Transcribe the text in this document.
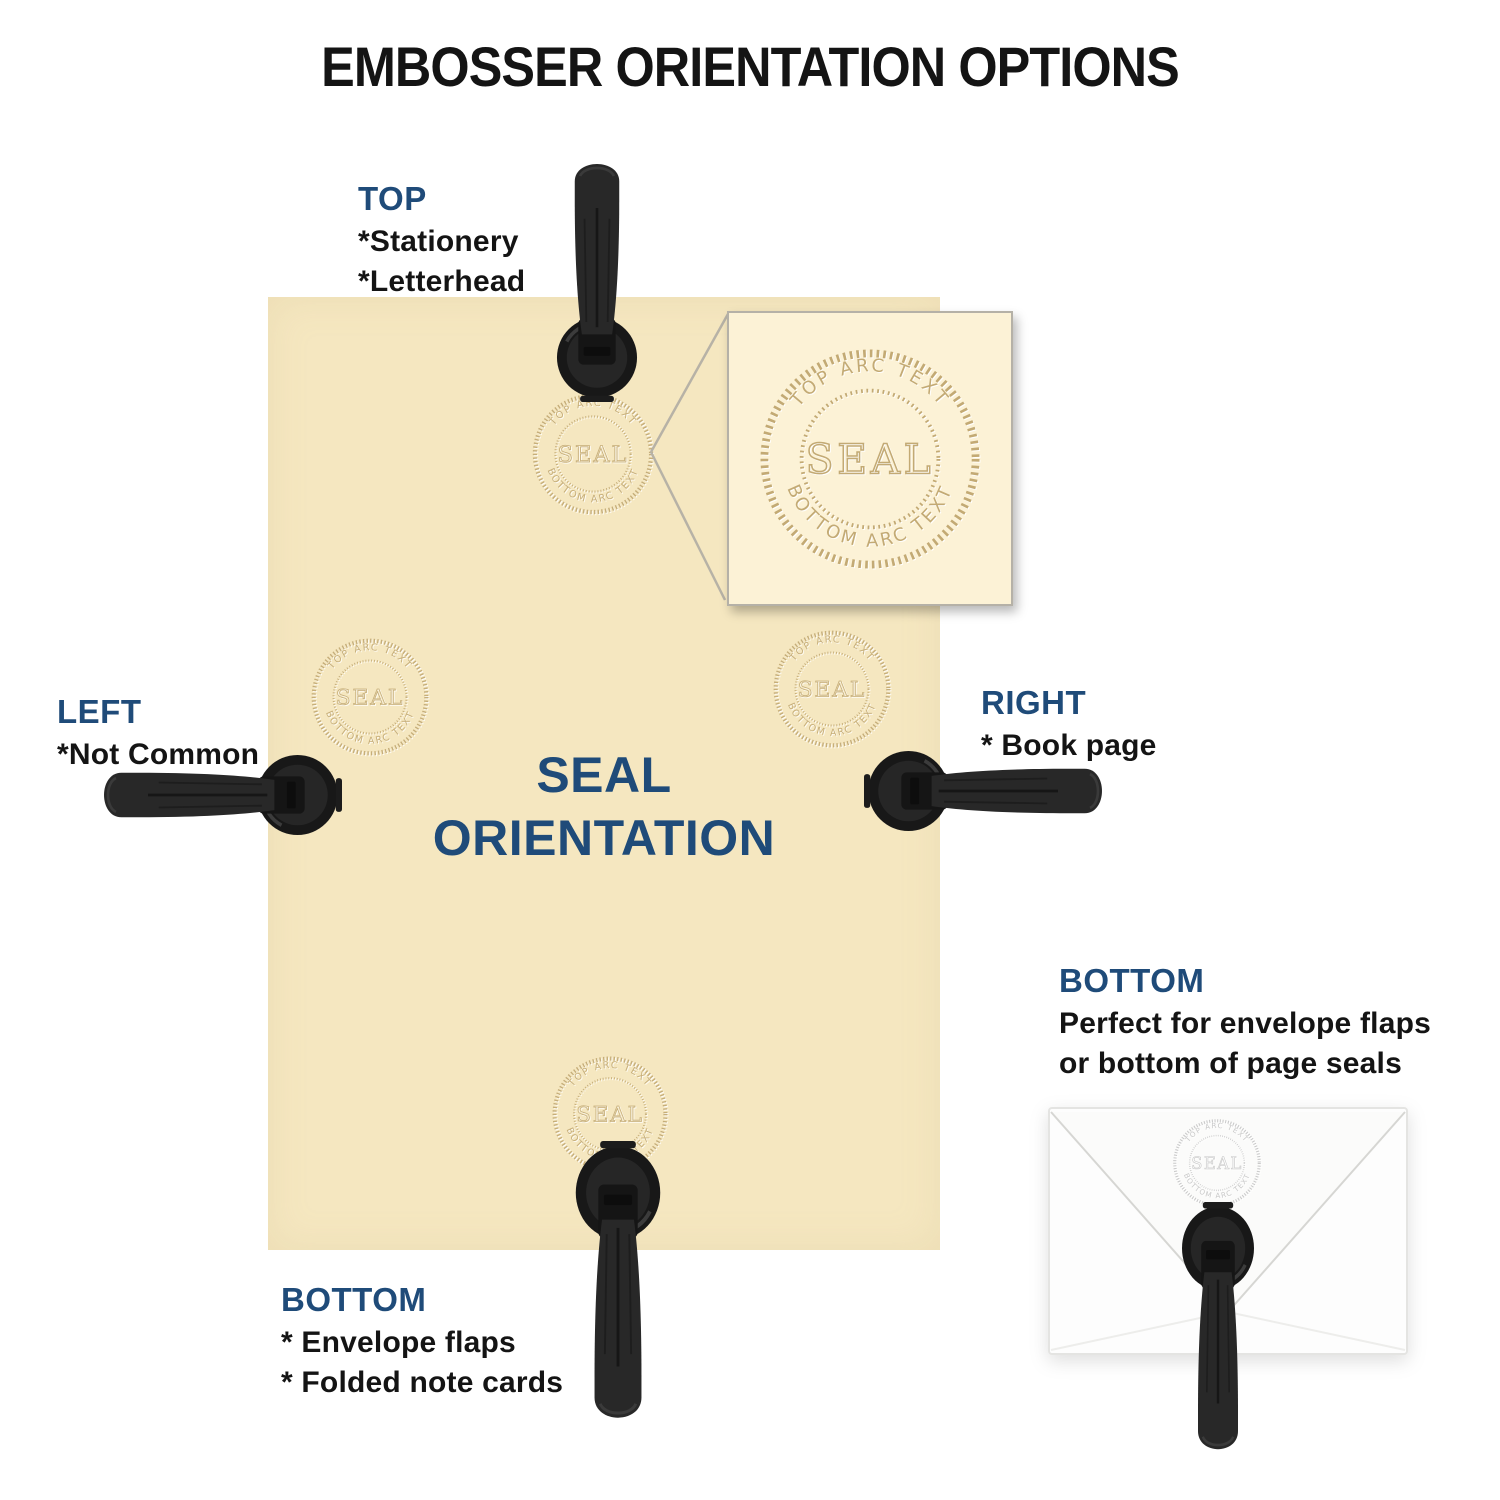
EMBOSSER ORIENTATION OPTIONS
TOP
*Stationery
*Letterhead
LEFT
*Not Common
RIGHT
* Book page
BOTTOM
* Envelope flaps
* Folded note cards
BOTTOM
Perfect for envelope flaps
or bottom of page seals
SEAL
ORIENTATION
